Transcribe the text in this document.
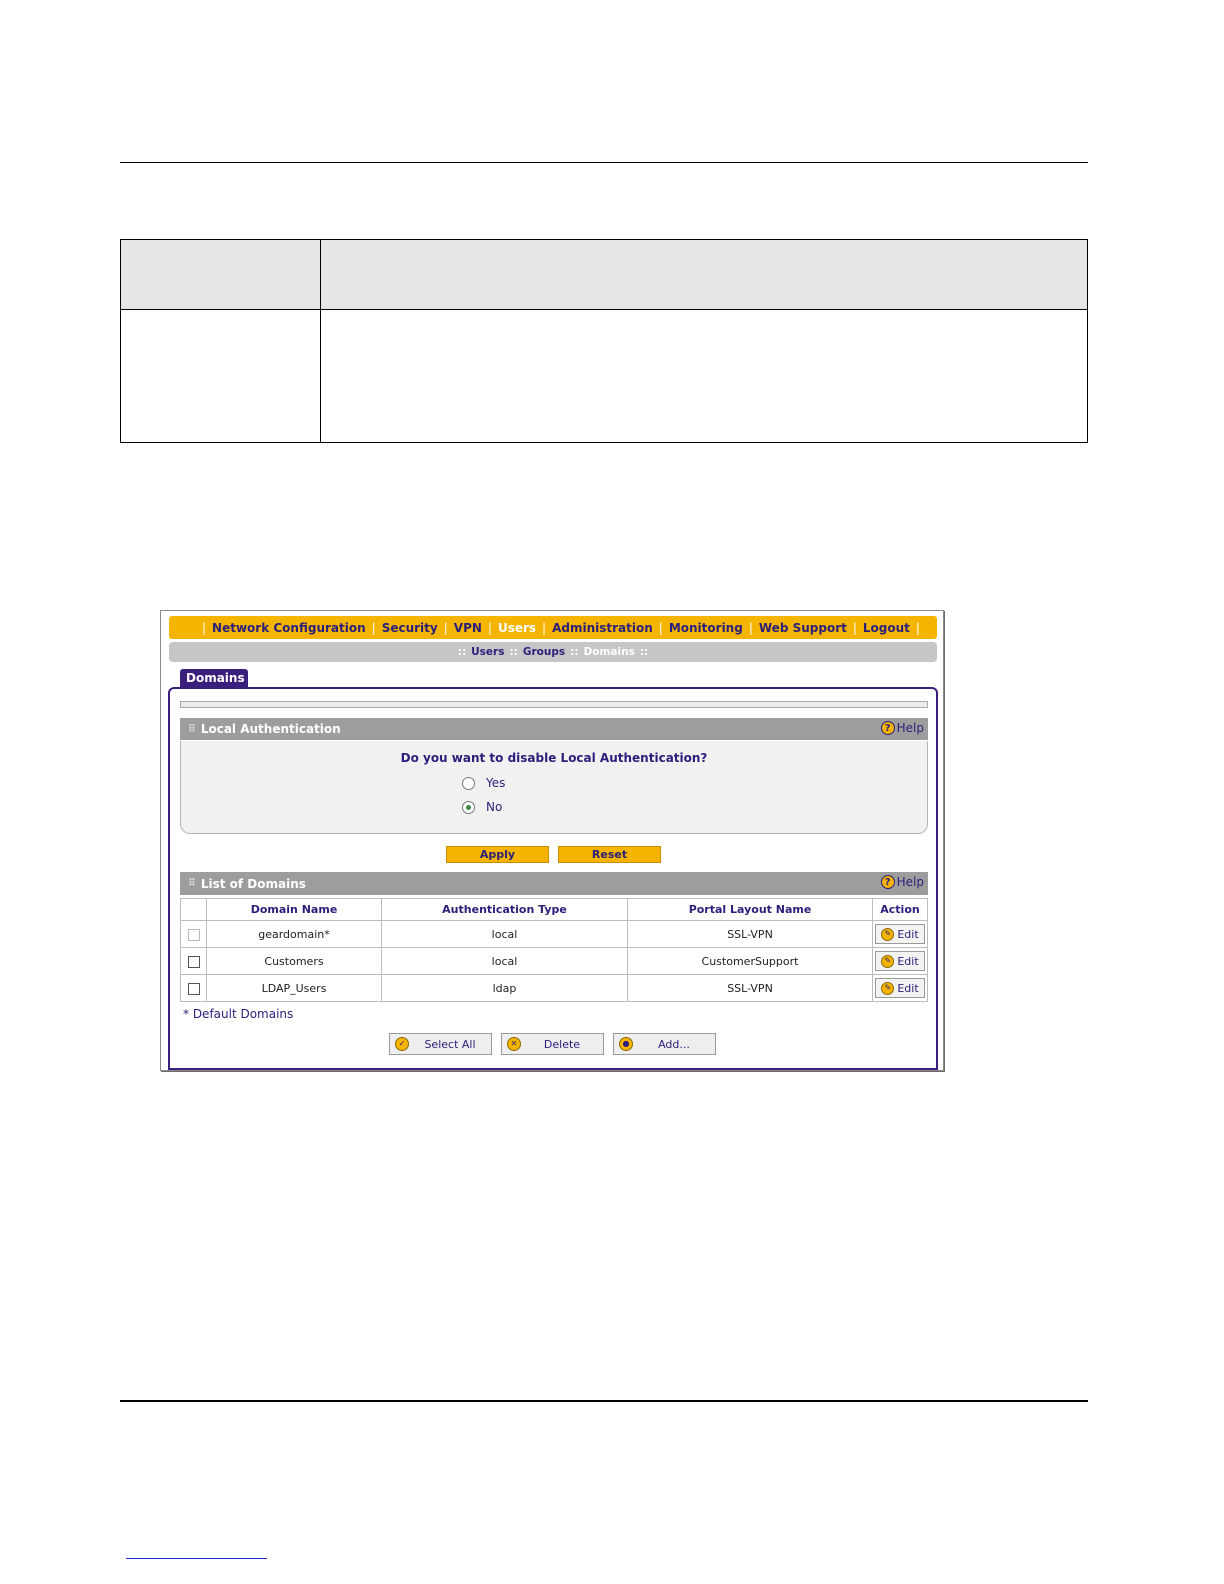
| Network Configuration | Security | VPN | Users | Administration | Monitoring | Web Support | Logout |
:: Users :: Groups :: Domains ::
Domains
⠿ Local Authentication	? Help
Do you want to disable Local Authentication?
Yes
No
Apply	Reset
⠿ List of Domains	? Help
	Domain Name	Authentication Type	Portal Layout Name	Action
	geardomain*	local	SSL-VPN	✎ Edit

	Customers	local	CustomerSupport	✎ Edit

	LDAP_Users	ldap	SSL-VPN	✎ Edit
* Default Domains
✓	Select All	✕	Delete	●	Add...
